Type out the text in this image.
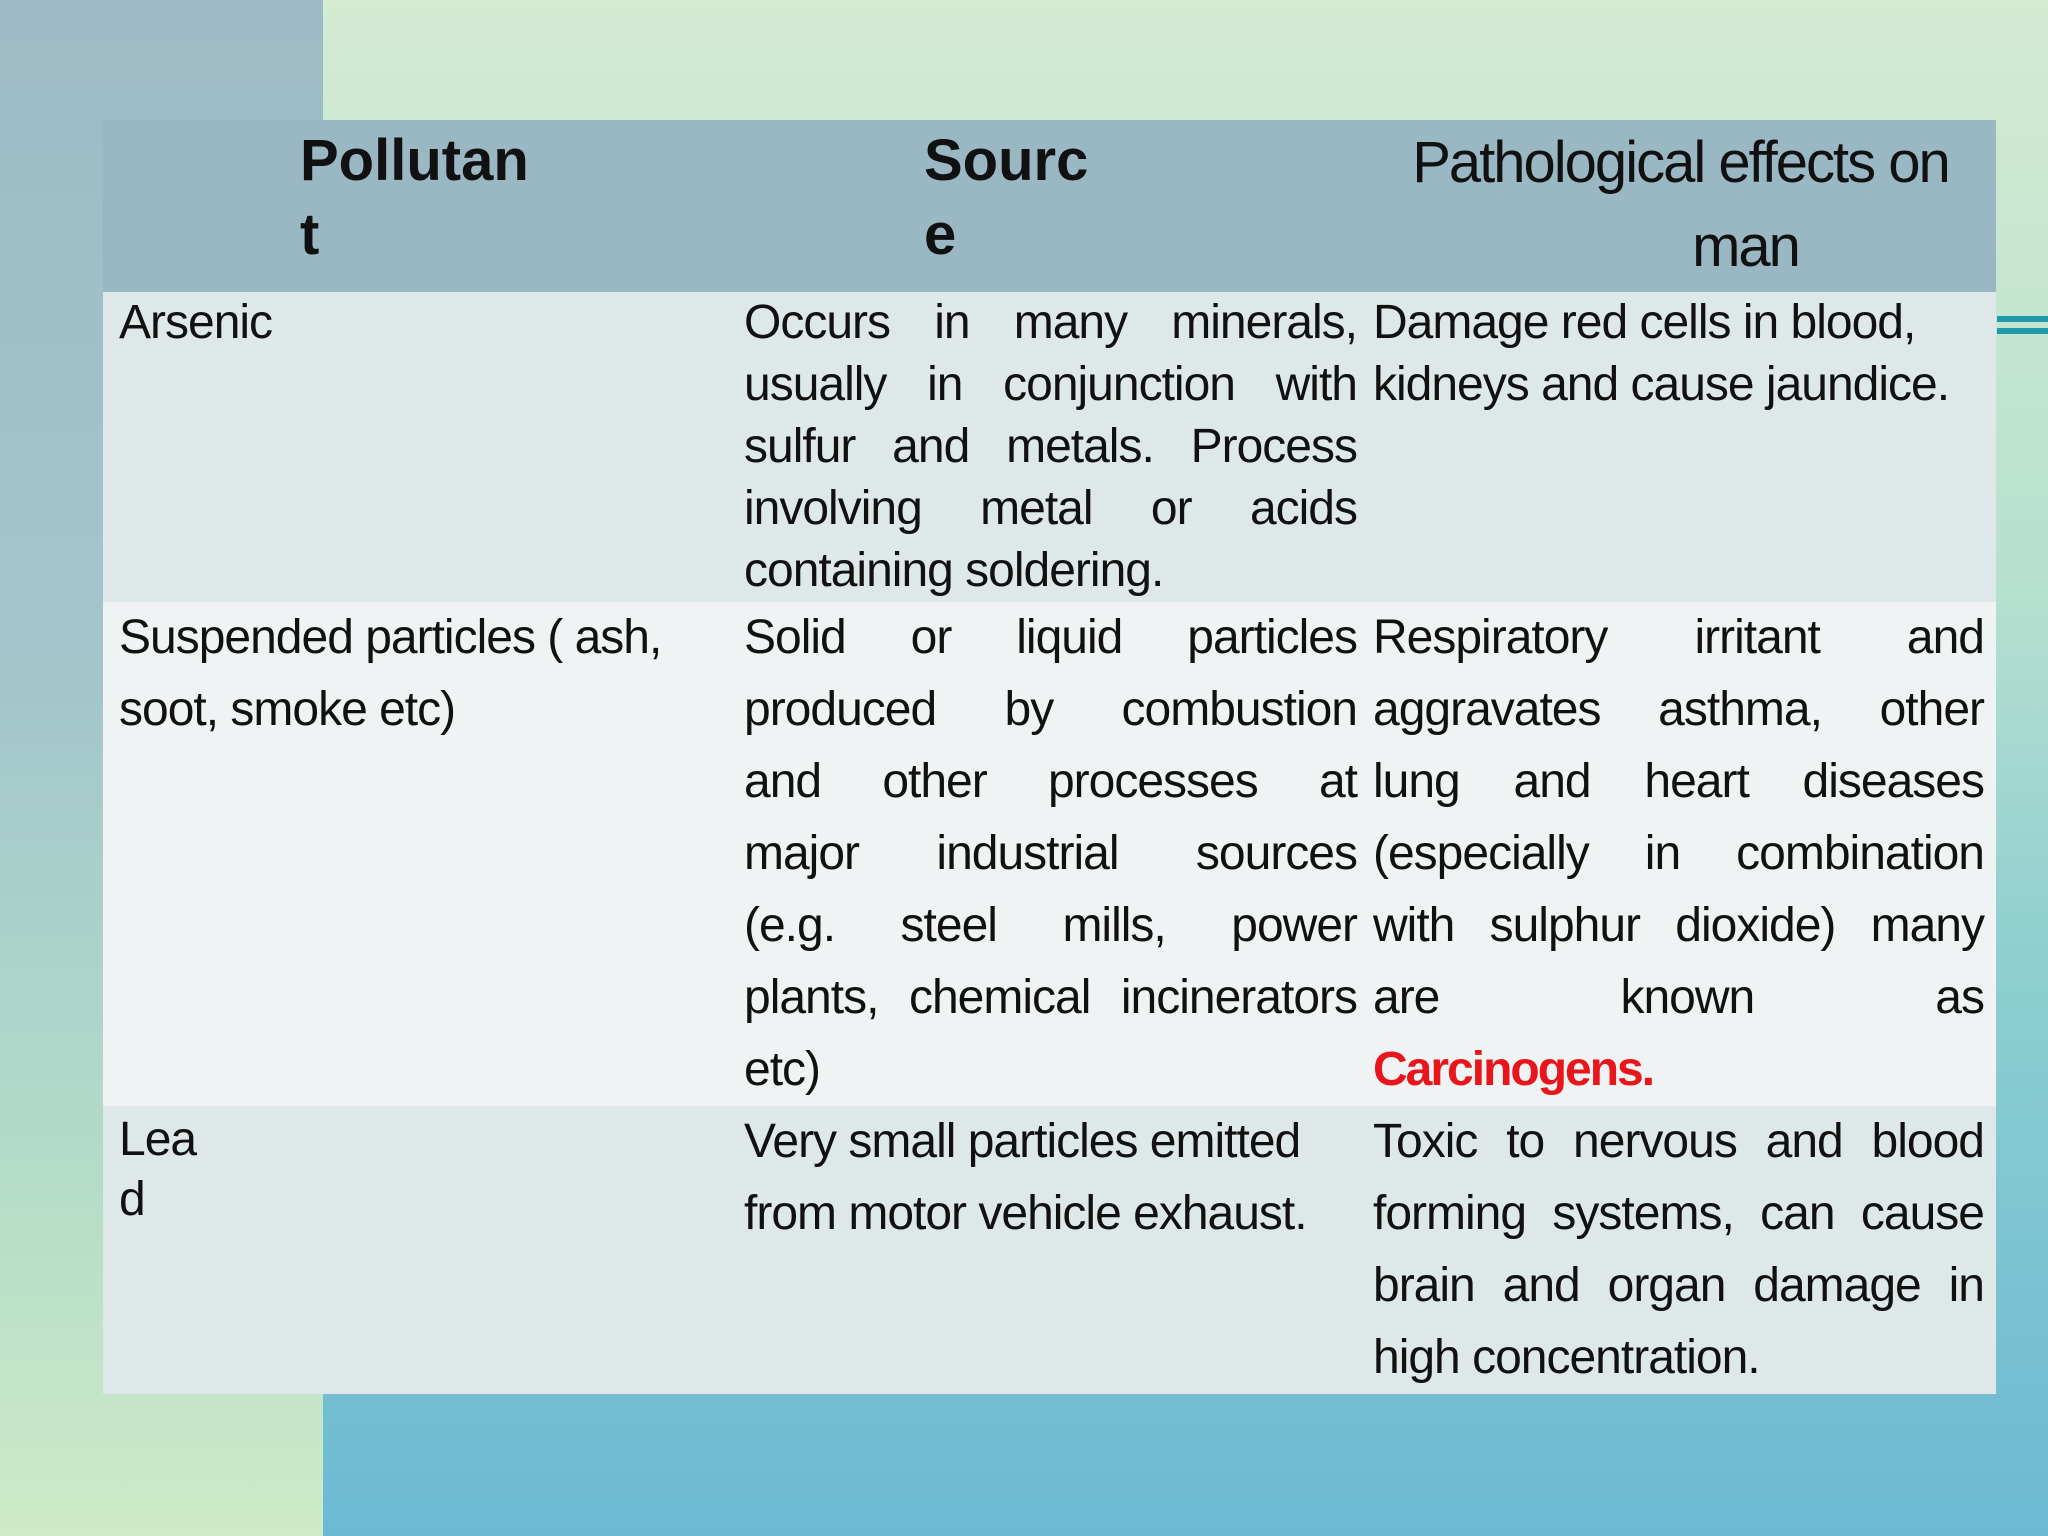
Pollutant	Source	Pathological effects on
man

Arsenic	Occurs in many minerals, usually in conjunction with sulfur and metals. Process involving metal or acids containing soldering.	Damage red cells in blood, kidneys and cause jaundice.
Suspended particles ( ash, soot, smoke etc)	Solid or liquid particles produced by combustion and other processes at major industrial sources (e.g. steel mills, power plants, chemical incinerators etc)	Respiratory irritant and aggravates asthma, other lung and heart diseases (especially in combination with sulphur dioxide) many are known as Carcinogens.

Lead	Very small particles emitted from motor vehicle exhaust.	Toxic to nervous and blood forming systems, can cause brain and organ damage in high concentration.
